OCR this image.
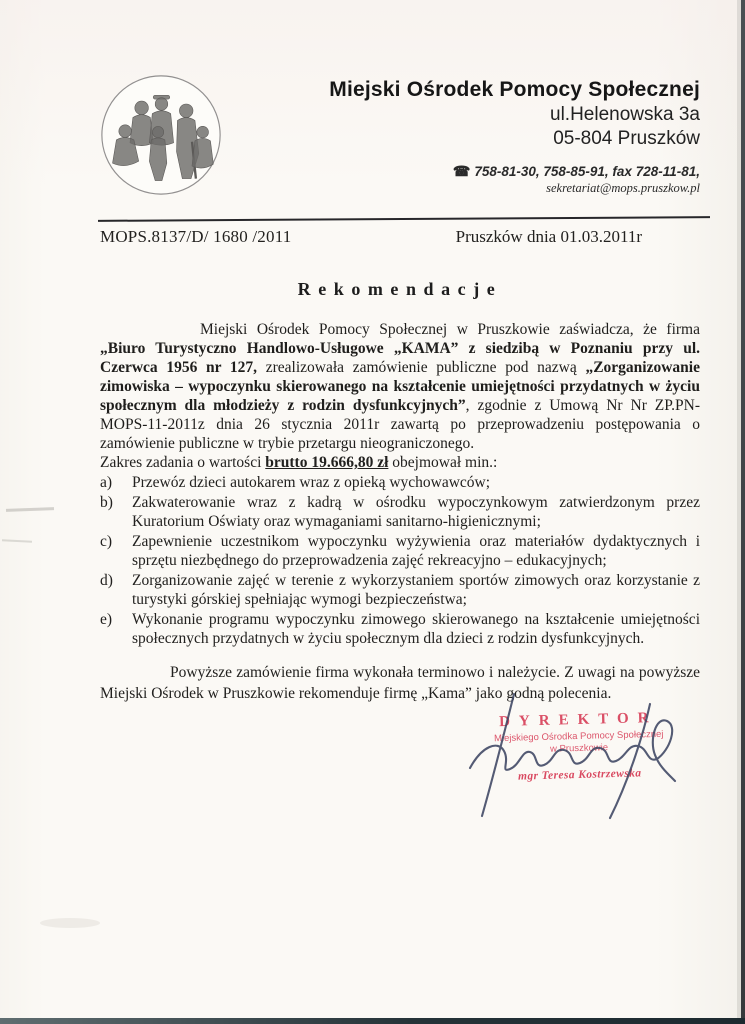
Miejski Ośrodek Pomocy Społecznej
ul.Helenowska 3a
05-804 Pruszków
☎ 758-81-30, 758-85-91, fax 728-11-81,
sekretariat@mops.pruszkow.pl
MOPS.8137/D/ 1680 /2011	Pruszków dnia 01.03.2011r
Rekomendacje
Miejski Ośrodek Pomocy Społecznej w Pruszkowie zaświadcza, że firma „Biuro Turystyczno Handlowo-Usługowe „KAMA” z siedzibą w Poznaniu przy ul. Czerwca 1956 nr 127, zrealizowała zamówienie publiczne pod nazwą „Zorganizowanie zimowiska – wypoczynku skierowanego na kształcenie umiejętności przydatnych w życiu społecznym dla młodzieży z rodzin dysfunkcyjnych”, zgodnie z Umową Nr Nr ZP.PN-MOPS-11-2011z dnia 26 stycznia 2011r zawartą po przeprowadzeniu postępowania o zamówienie publiczne w trybie przetargu nieograniczonego.
Zakres zadania o wartości brutto 19.666,80 zł obejmował min.:
a)	Przewóz dzieci autokarem wraz z opieką wychowawców;
b)	Zakwaterowanie wraz z kadrą w ośrodku wypoczynkowym zatwierdzonym przez Kuratorium Oświaty oraz wymaganiami sanitarno-higienicznymi;
c)	Zapewnienie uczestnikom wypoczynku wyżywienia oraz materiałów dydaktycznych i sprzętu niezbędnego do przeprowadzenia zajęć rekreacyjno – edukacyjnych;
d)	Zorganizowanie zajęć w terenie z wykorzystaniem sportów zimowych oraz korzystanie z turystyki górskiej spełniając wymogi bezpieczeństwa;
e)	Wykonanie programu wypoczynku zimowego skierowanego na kształcenie umiejętności społecznych przydatnych w życiu społecznym dla dzieci z rodzin dysfunkcyjnych.
Powyższe zamówienie firma wykonała terminowo i należycie. Z uwagi na powyższe Miejski Ośrodek w Pruszkowie rekomenduje firmę „Kama” jako godną polecenia.
DYREKTOR
Miejskiego Ośrodka Pomocy Społecznej
w Pruszkowie
mgr Teresa Kostrzewska
